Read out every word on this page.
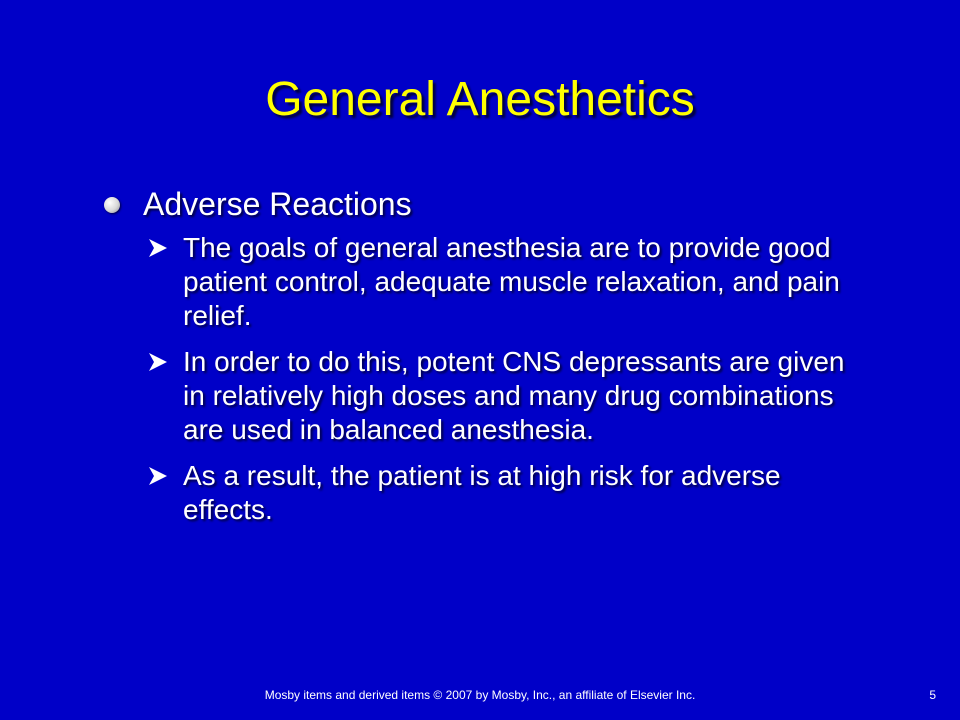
General Anesthetics
Adverse Reactions
The goals of general anesthesia are to provide good patient control, adequate muscle relaxation, and pain relief.
In order to do this, potent CNS depressants are given in relatively high doses and many drug combinations are used in balanced anesthesia.
As a result, the patient is at high risk for adverse effects.
Mosby items and derived items © 2007 by Mosby, Inc., an affiliate of Elsevier Inc.	5
